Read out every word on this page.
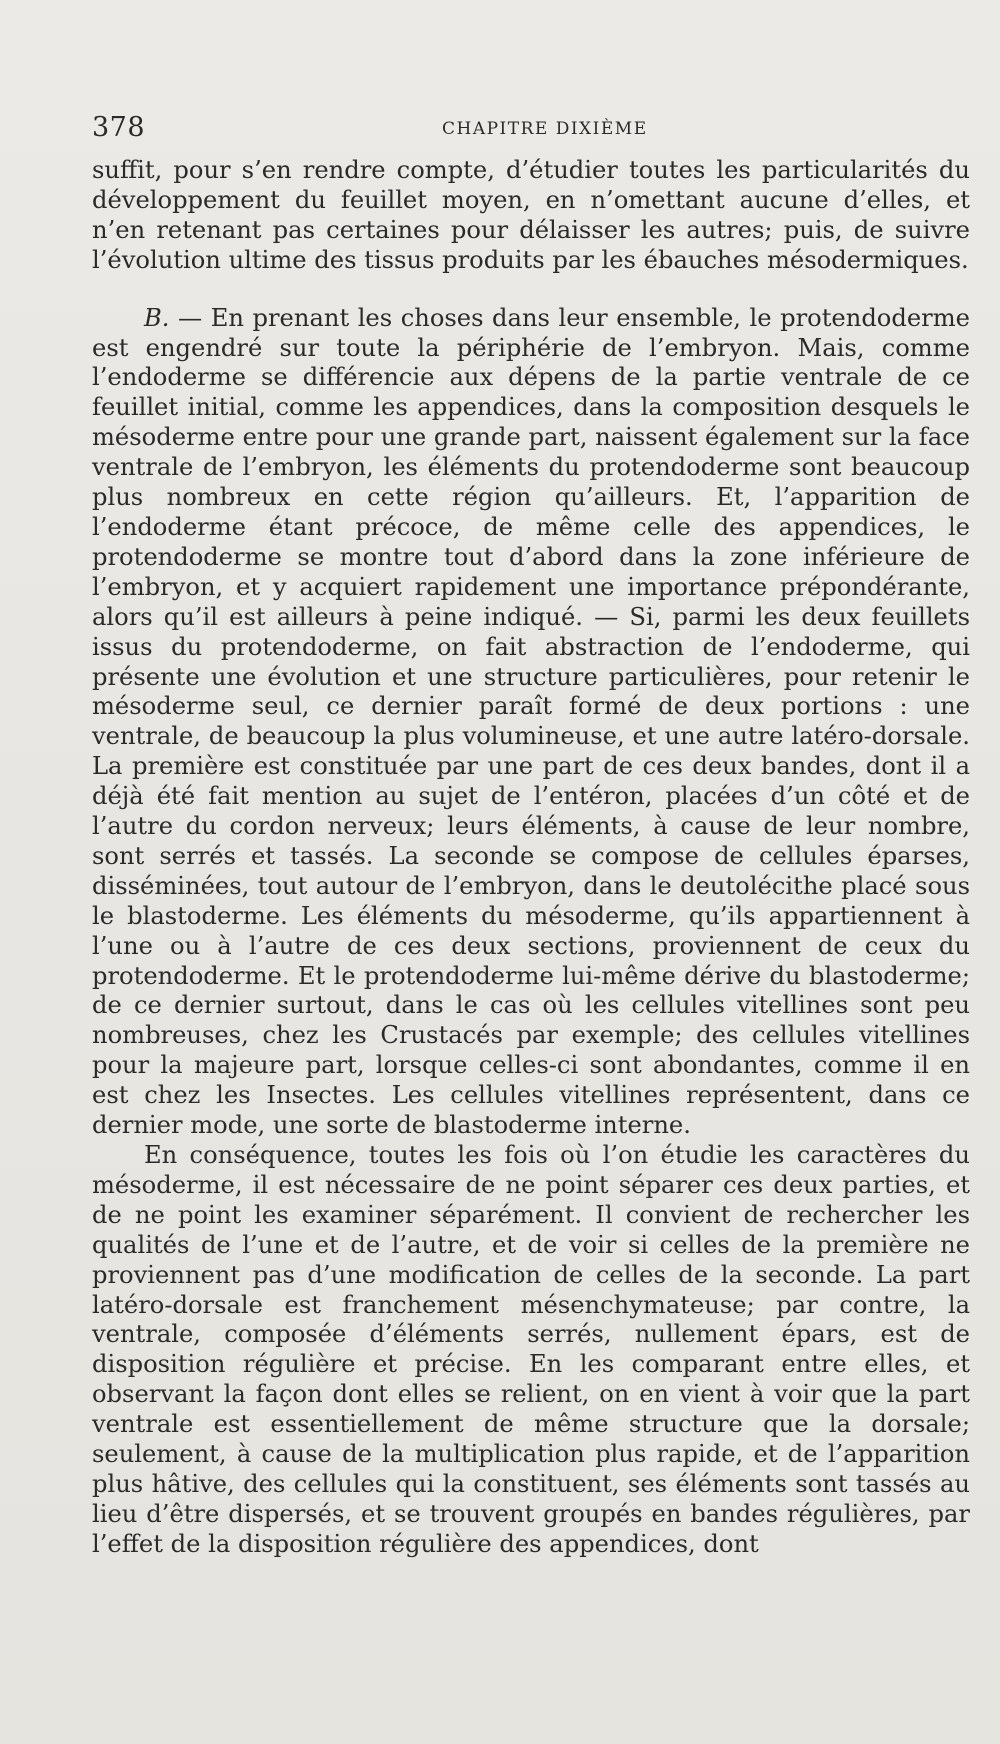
378	CHAPITRE DIXIÈME

suffit, pour s’en rendre compte, d’étudier toutes les particularités du développement du feuillet moyen, en n’omettant aucune d’elles, et n’en retenant pas certaines pour délaisser les autres; puis, de suivre l’évolution ultime des tissus produits par les ébauches mésodermiques.

B. — En prenant les choses dans leur ensemble, le protendoderme est engendré sur toute la périphérie de l’embryon. Mais, comme l’endoderme se différencie aux dépens de la partie ventrale de ce feuillet initial, comme les appendices, dans la composition desquels le mésoderme entre pour une grande part, naissent également sur la face ventrale de l’embryon, les éléments du protendoderme sont beaucoup plus nombreux en cette région qu’ailleurs. Et, l’apparition de l’endoderme étant précoce, de même celle des appendices, le protendoderme se montre tout d’abord dans la zone inférieure de l’embryon, et y acquiert rapidement une importance prépondérante, alors qu’il est ailleurs à peine indiqué. — Si, parmi les deux feuillets issus du protendoderme, on fait abstraction de l’endoderme, qui présente une évolution et une structure particulières, pour retenir le mésoderme seul, ce dernier paraît formé de deux portions : une ventrale, de beaucoup la plus volumineuse, et une autre latéro-dorsale. La première est constituée par une part de ces deux bandes, dont il a déjà été fait mention au sujet de l’entéron, placées d’un côté et de l’autre du cordon nerveux; leurs éléments, à cause de leur nombre, sont serrés et tassés. La seconde se compose de cellules éparses, disséminées, tout autour de l’embryon, dans le deutolécithe placé sous le blastoderme. Les éléments du mésoderme, qu’ils appartiennent à l’une ou à l’autre de ces deux sections, proviennent de ceux du protendoderme. Et le protendoderme lui-même dérive du blastoderme; de ce dernier surtout, dans le cas où les cellules vitellines sont peu nombreuses, chez les Crustacés par exemple; des cellules vitellines pour la majeure part, lorsque celles-ci sont abondantes, comme il en est chez les Insectes. Les cellules vitellines représentent, dans ce dernier mode, une sorte de blastoderme interne.

En conséquence, toutes les fois où l’on étudie les caractères du mésoderme, il est nécessaire de ne point séparer ces deux parties, et de ne point les examiner séparément. Il convient de rechercher les qualités de l’une et de l’autre, et de voir si celles de la première ne proviennent pas d’une modification de celles de la seconde. La part latéro-dorsale est franchement mésenchymateuse; par contre, la ventrale, composée d’éléments serrés, nullement épars, est de disposition régulière et précise. En les comparant entre elles, et observant la façon dont elles se relient, on en vient à voir que la part ventrale est essentiellement de même structure que la dorsale; seulement, à cause de la multiplication plus rapide, et de l’apparition plus hâtive, des cellules qui la constituent, ses éléments sont tassés au lieu d’être dispersés, et se trouvent groupés en bandes régulières, par l’effet de la disposition régulière des appendices, dont
